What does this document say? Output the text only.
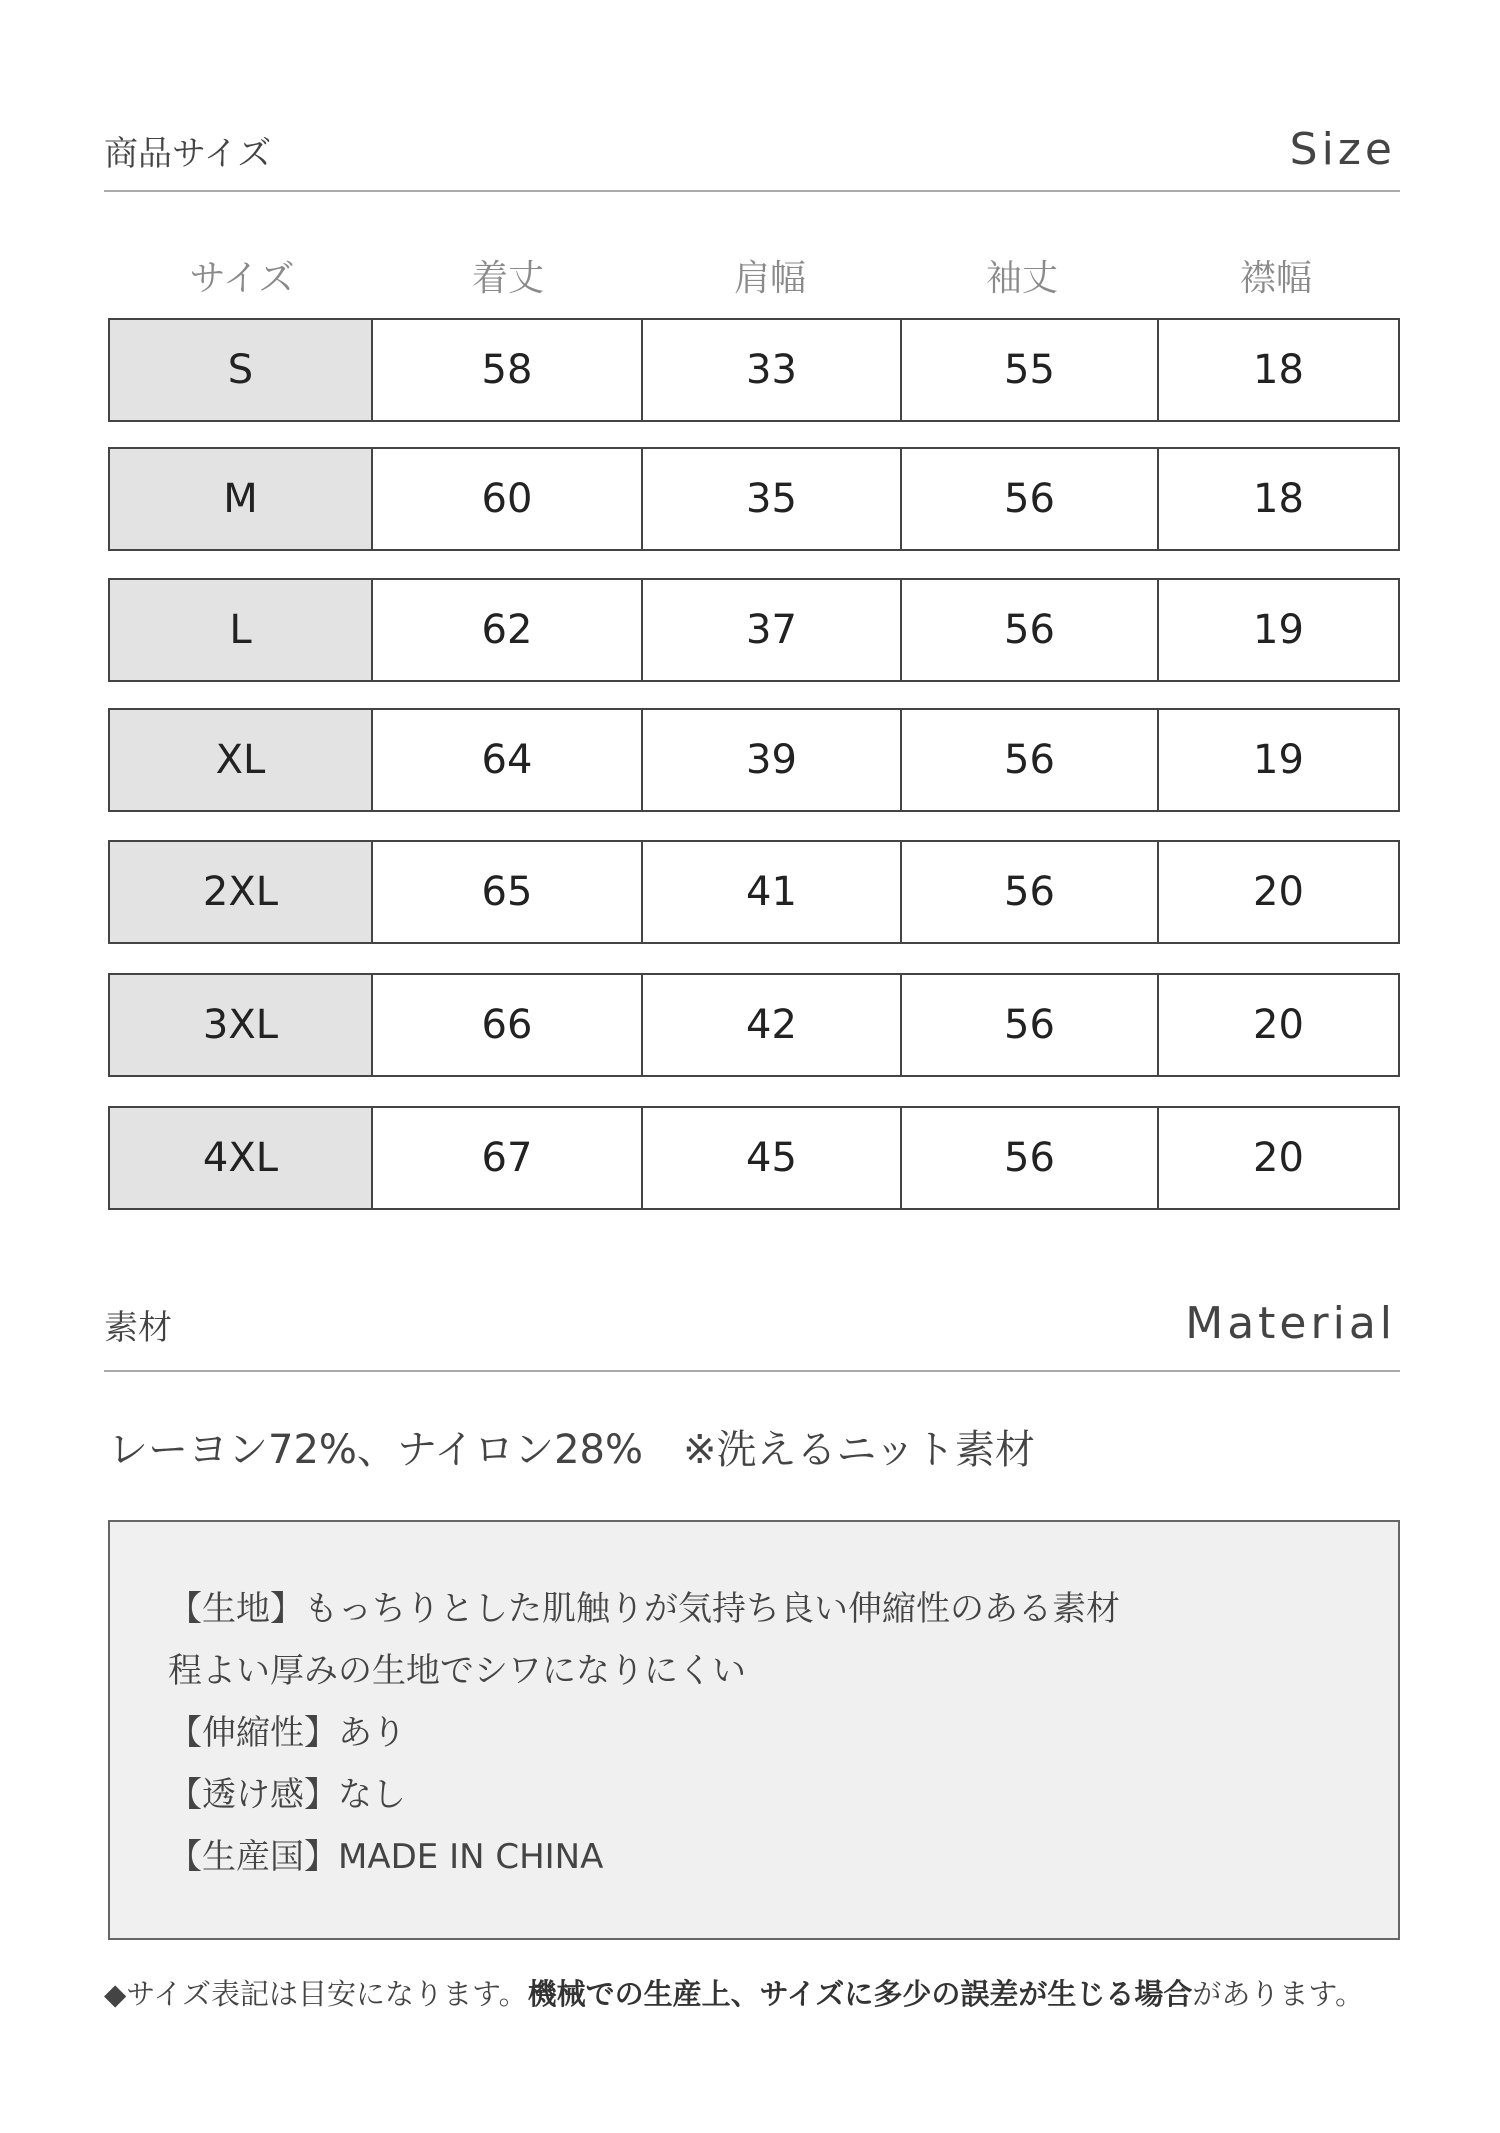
商品サイズ	Size
サイズ	着丈	肩幅	袖丈	襟幅
S	58	33	55	18
M	60	35	56	18
L	62	37	56	19
XL	64	39	56	19
2XL	65	41	56	20
3XL	66	42	56	20
4XL	67	45	56	20
素材	Material
レーヨン72%、ナイロン28%　※洗えるニット素材
【生地】もっちりとした肌触りが気持ち良い伸縮性のある素材
程よい厚みの生地でシワになりにくい
【伸縮性】あり
【透け感】なし
【生産国】MADE IN CHINA
◆サイズ表記は目安になります。機械での生産上、サイズに多少の誤差が生じる場合があります。
